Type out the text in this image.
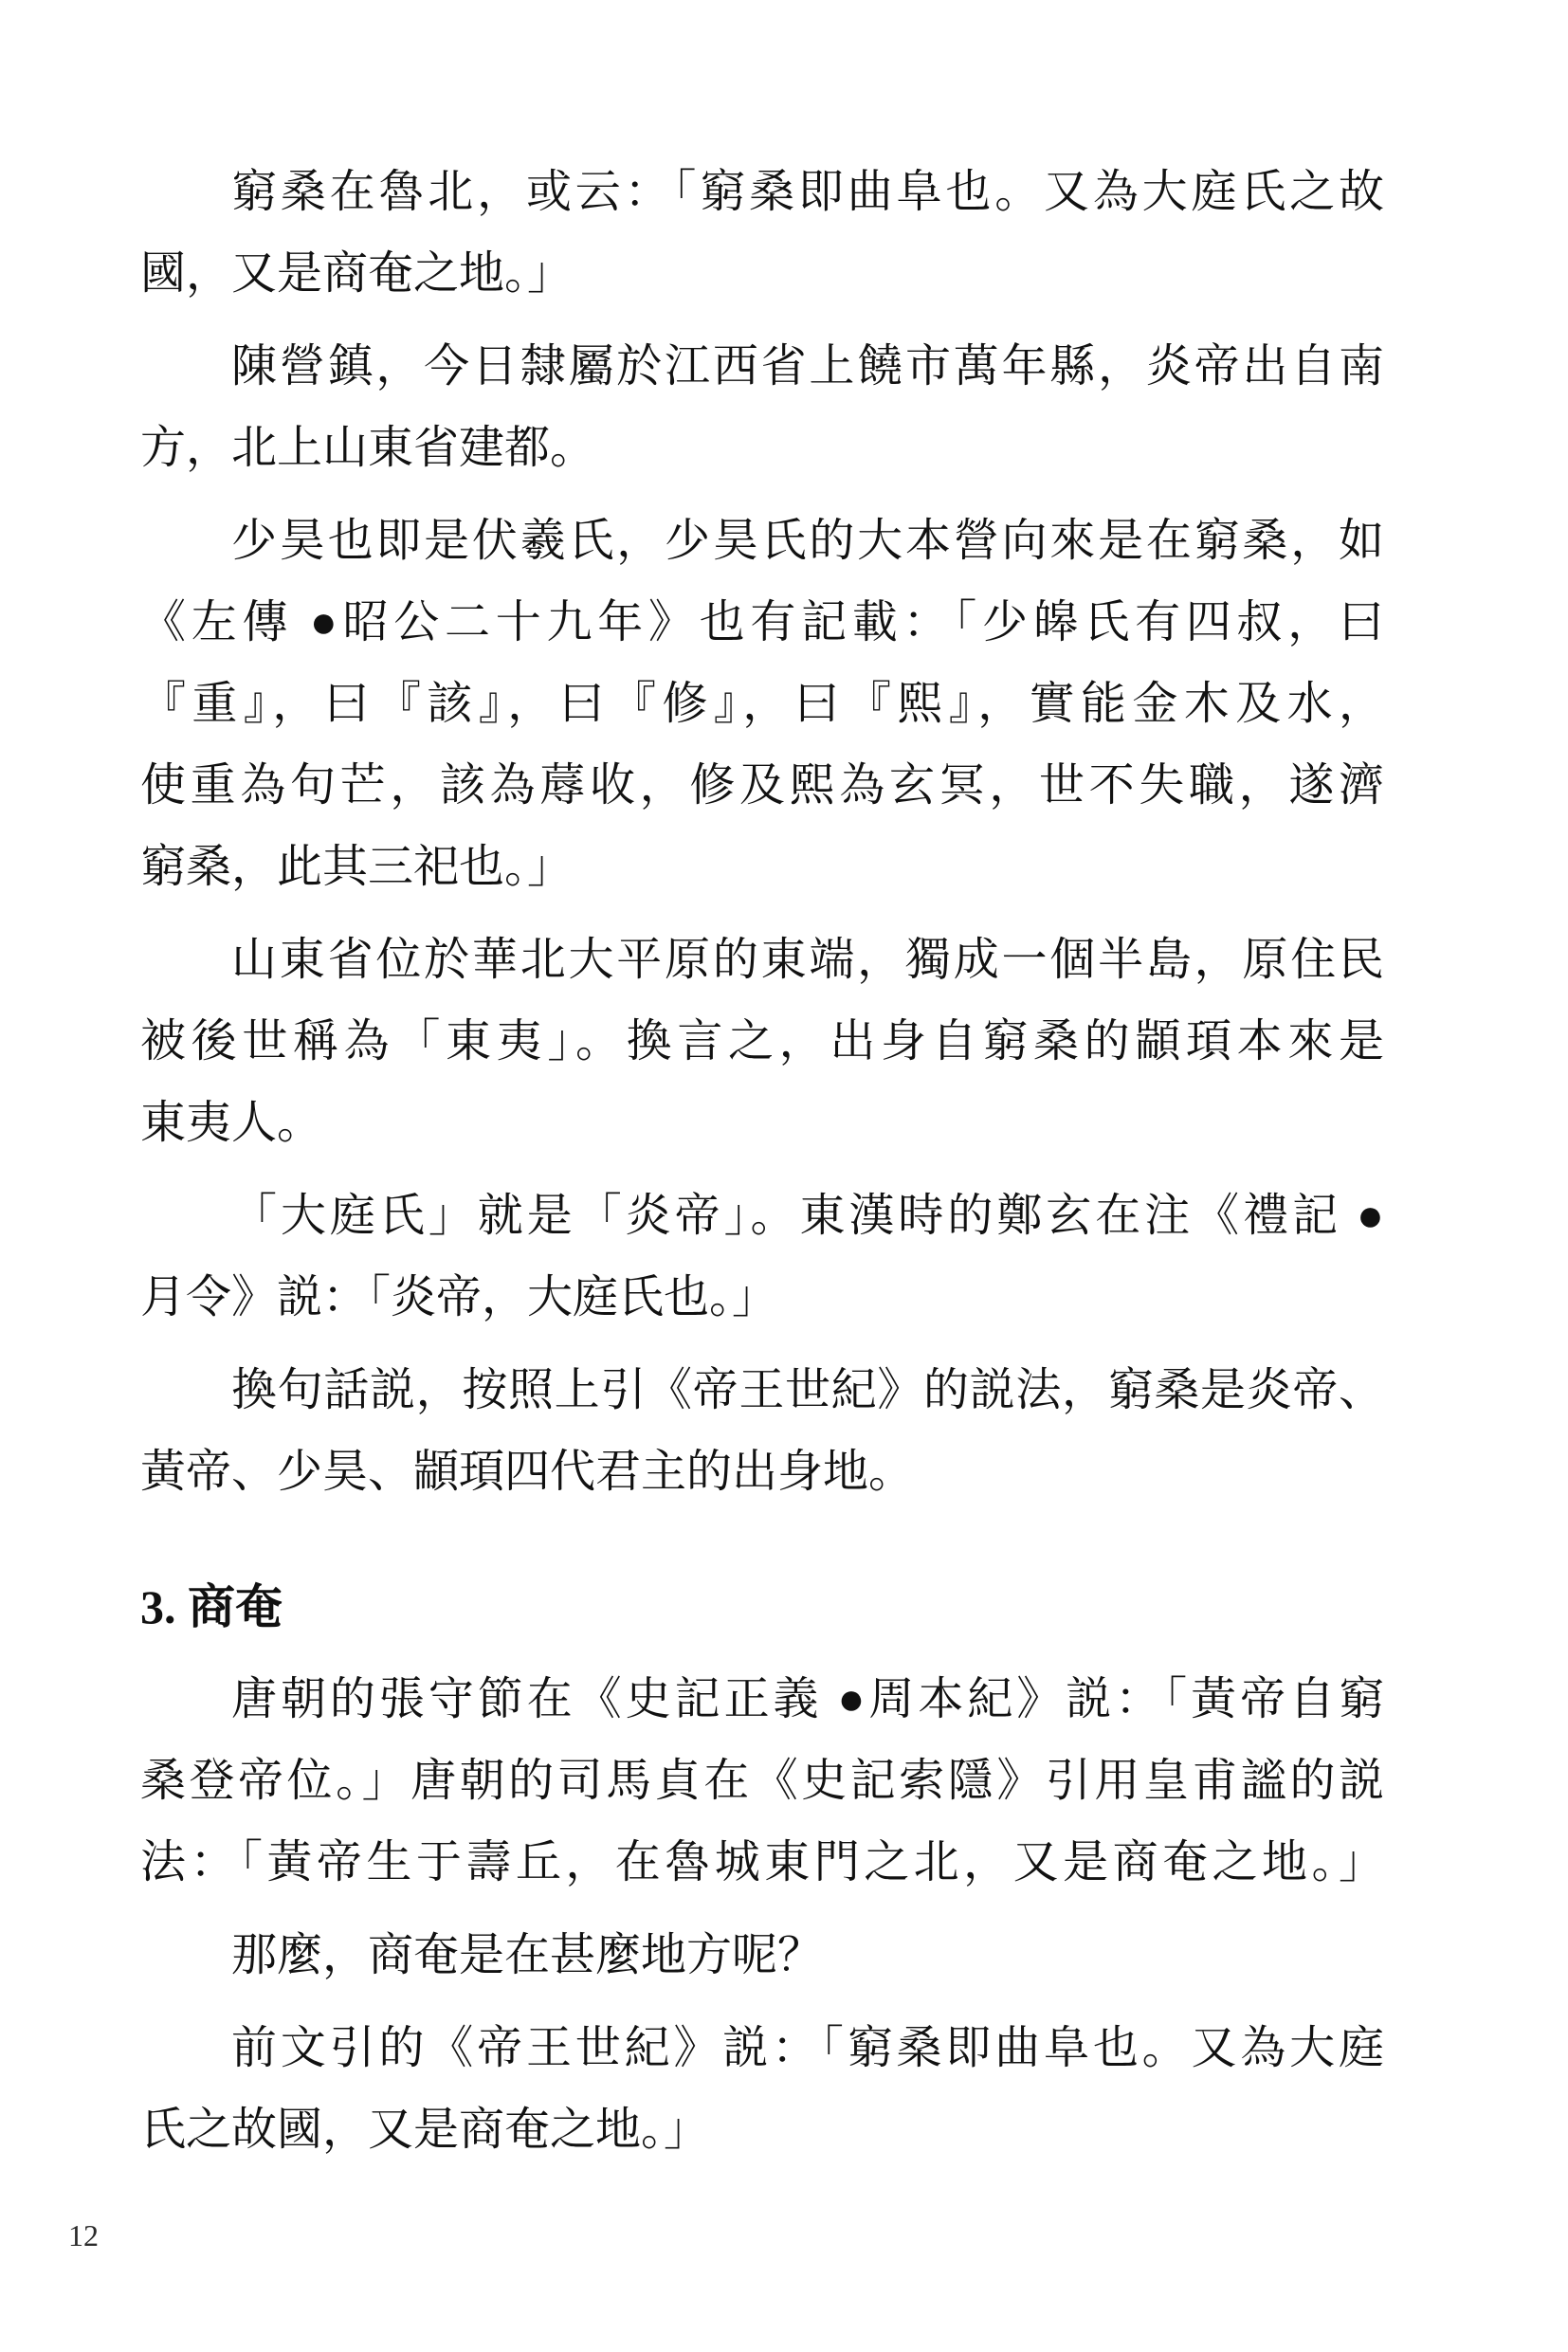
窮桑在魯北，或云：「窮桑即曲阜也。又為大庭氏之故

國，又是商奄之地。」

陳營鎮，今日隸屬於江西省上饒市萬年縣，炎帝出自南

方，北上山東省建都。

少昊也即是伏羲氏，少昊氏的大本營向來是在窮桑，如

《左傳 ●昭公二十九年》也有記載：「少皞氏有四叔，曰

『重』，曰『該』，曰『修』，曰『熙』，實能金木及水，

使重為句芒，該為蓐收，修及熙為玄冥，世不失職，遂濟

窮桑，此其三祀也。」

山東省位於華北大平原的東端，獨成一個半島，原住民

被後世稱為「東夷」。換言之，出身自窮桑的顓頊本來是

東夷人。

「大庭氏」就是「炎帝」。東漢時的鄭玄在注《禮記 ●

月令》説：「炎帝，大庭氏也。」

換句話説，按照上引《帝王世紀》的説法，窮桑是炎帝、

黃帝、少昊、顓頊四代君主的出身地。

3. 商奄

唐朝的張守節在《史記正義 ●周本紀》説：「黃帝自窮

桑登帝位。」唐朝的司馬貞在《史記索隱》引用皇甫謐的説

法：「黃帝生于壽丘，在魯城東門之北，又是商奄之地。」

那麼，商奄是在甚麼地方呢？

前文引的《帝王世紀》説：「窮桑即曲阜也。又為大庭

氏之故國，又是商奄之地。」

12
